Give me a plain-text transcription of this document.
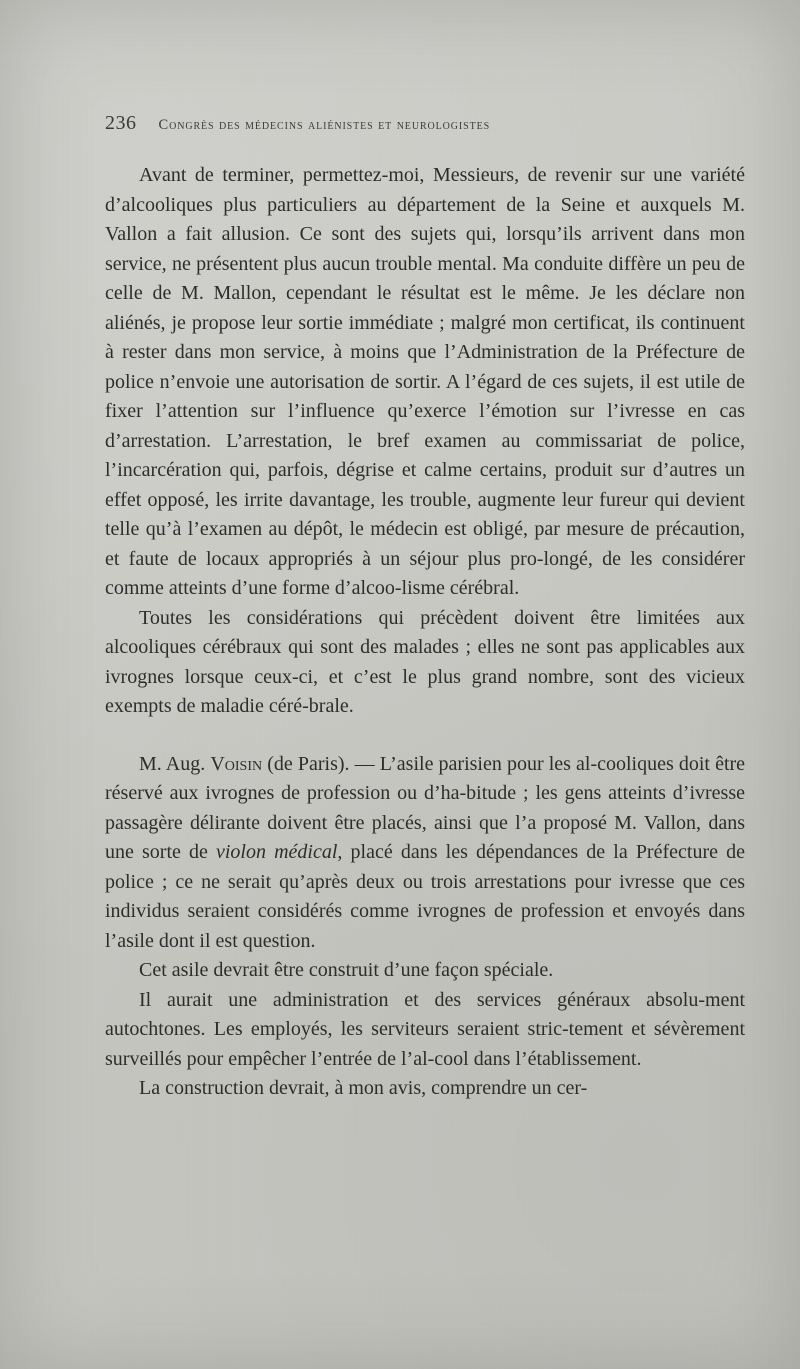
236 congrès des médecins aliénistes et neurologistes

Avant de terminer, permettez-moi, Messieurs, de revenir sur une variété d’alcooliques plus particuliers au département de la Seine et auxquels M. Vallon a fait allusion. Ce sont des sujets qui, lorsqu’ils arrivent dans mon service, ne présentent plus aucun trouble mental. Ma conduite diffère un peu de celle de M. Mallon, cependant le résultat est le même. Je les déclare non aliénés, je propose leur sortie immédiate ; malgré mon certificat, ils continuent à rester dans mon service, à moins que l’Administration de la Préfecture de police n’envoie une autorisation de sortir. A l’égard de ces sujets, il est utile de fixer l’attention sur l’influence qu’exerce l’émotion sur l’ivresse en cas d’arrestation. L’arrestation, le bref examen au commissariat de police, l’incarcération qui, parfois, dégrise et calme certains, produit sur d’autres un effet opposé, les irrite davantage, les trouble, augmente leur fureur qui devient telle qu’à l’examen au dépôt, le médecin est obligé, par mesure de précaution, et faute de locaux appropriés à un séjour plus pro-longé, de les considérer comme atteints d’une forme d’alcoo-lisme cérébral.

Toutes les considérations qui précèdent doivent être limitées aux alcooliques cérébraux qui sont des malades ; elles ne sont pas applicables aux ivrognes lorsque ceux-ci, et c’est le plus grand nombre, sont des vicieux exempts de maladie céré-brale.

M. Aug. Voisin (de Paris). — L’asile parisien pour les al-cooliques doit être réservé aux ivrognes de profession ou d’ha-bitude ; les gens atteints d’ivresse passagère délirante doivent être placés, ainsi que l’a proposé M. Vallon, dans une sorte de violon médical, placé dans les dépendances de la Préfecture de police ; ce ne serait qu’après deux ou trois arrestations pour ivresse que ces individus seraient considérés comme ivrognes de profession et envoyés dans l’asile dont il est question.

Cet asile devrait être construit d’une façon spéciale.

Il aurait une administration et des services généraux absolu-ment autochtones. Les employés, les serviteurs seraient stric-tement et sévèrement surveillés pour empêcher l’entrée de l’al-cool dans l’établissement.

La construction devrait, à mon avis, comprendre un cer-
